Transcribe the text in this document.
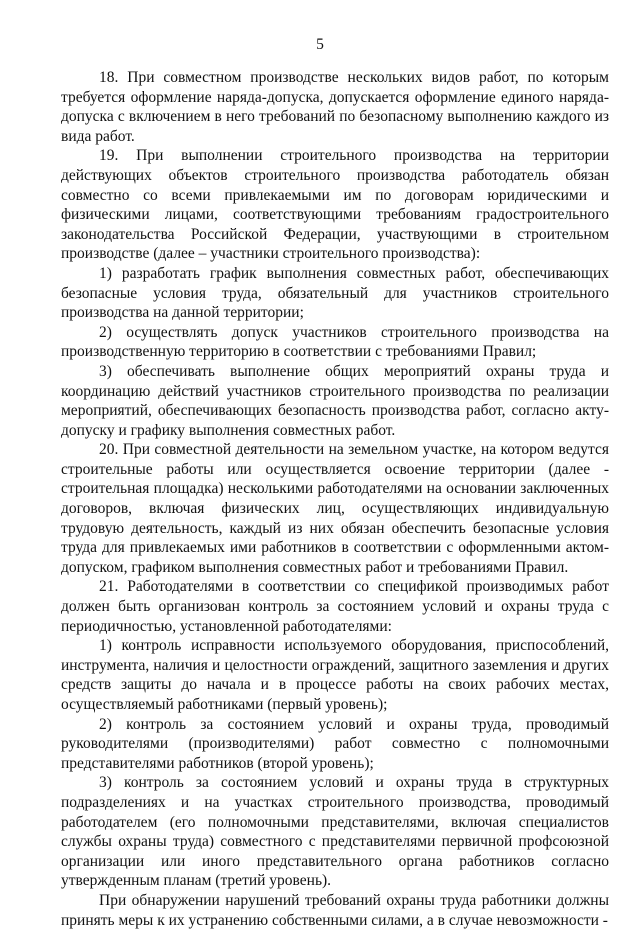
5

18. При совместном производстве нескольких видов работ, по которым требуется оформление наряда-допуска, допускается оформление единого наряда-допуска с включением в него требований по безопасному выполнению каждого из вида работ.

19. При выполнении строительного производства на территории действующих объектов строительного производства работодатель обязан совместно со всеми привлекаемыми им по договорам юридическими и физическими лицами, соответствующими требованиям градостроительного законодательства Российской Федерации, участвующими в строительном производстве (далее – участники строительного производства):

1) разработать график выполнения совместных работ, обеспечивающих безопасные условия труда, обязательный для участников строительного производства на данной территории;

2) осуществлять допуск участников строительного производства на производственную территорию в соответствии с требованиями Правил;

3) обеспечивать выполнение общих мероприятий охраны труда и координацию действий участников строительного производства по реализации мероприятий, обеспечивающих безопасность производства работ, согласно акту-допуску и графику выполнения совместных работ.

20. При совместной деятельности на земельном участке, на котором ведутся строительные работы или осуществляется освоение территории (далее - строительная площадка) несколькими работодателями на основании заключенных договоров, включая физических лиц, осуществляющих индивидуальную трудовую деятельность, каждый из них обязан обеспечить безопасные условия труда для привлекаемых ими работников в соответствии с оформленными актом-допуском, графиком выполнения совместных работ и требованиями Правил.

21. Работодателями в соответствии со спецификой производимых работ должен быть организован контроль за состоянием условий и охраны труда с периодичностью, установленной работодателями:

1) контроль исправности используемого оборудования, приспособлений, инструмента, наличия и целостности ограждений, защитного заземления и других средств защиты до начала и в процессе работы на своих рабочих местах, осуществляемый работниками (первый уровень);

2) контроль за состоянием условий и охраны труда, проводимый руководителями (производителями) работ совместно с полномочными представителями работников (второй уровень);

3) контроль за состоянием условий и охраны труда в структурных подразделениях и на участках строительного производства, проводимый работодателем (его полномочными представителями, включая специалистов службы охраны труда) совместного с представителями первичной профсоюзной организации или иного представительного органа работников согласно утвержденным планам (третий уровень).

При обнаружении нарушений требований охраны труда работники должны принять меры к их устранению собственными силами, а в случае невозможности -
